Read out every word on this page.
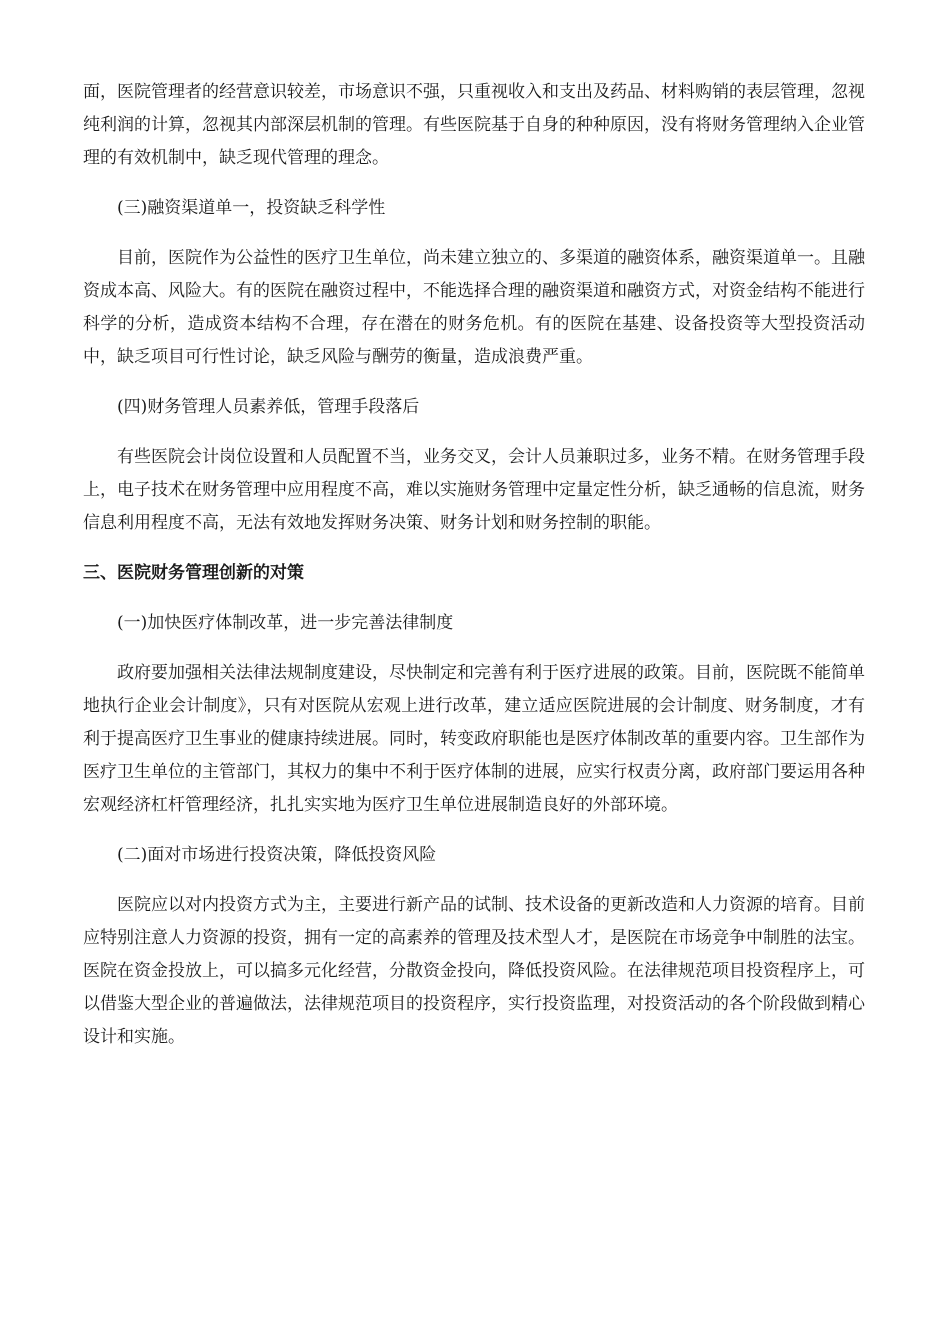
面，医院管理者的经营意识较差，市场意识不强，只重视收入和支出及药品、材料购销的表层管理，忽视纯利润的计算，忽视其内部深层机制的管理。有些医院基于自身的种种原因，没有将财务管理纳入企业管理的有效机制中，缺乏现代管理的理念。

(三)融资渠道单一，投资缺乏科学性

目前，医院作为公益性的医疗卫生单位，尚未建立独立的、多渠道的融资体系，融资渠道单一。且融资成本高、风险大。有的医院在融资过程中，不能选择合理的融资渠道和融资方式，对资金结构不能进行科学的分析，造成资本结构不合理，存在潜在的财务危机。有的医院在基建、设备投资等大型投资活动中，缺乏项目可行性讨论，缺乏风险与酬劳的衡量，造成浪费严重。

(四)财务管理人员素养低，管理手段落后

有些医院会计岗位设置和人员配置不当，业务交叉，会计人员兼职过多，业务不精。在财务管理手段上，电子技术在财务管理中应用程度不高，难以实施财务管理中定量定性分析，缺乏通畅的信息流，财务信息利用程度不高，无法有效地发挥财务决策、财务计划和财务控制的职能。

三、医院财务管理创新的对策

(一)加快医疗体制改革，进一步完善法律制度

政府要加强相关法律法规制度建设，尽快制定和完善有利于医疗进展的政策。目前，医院既不能简单地执行企业会计制度》，只有对医院从宏观上进行改革，建立适应医院进展的会计制度、财务制度，才有利于提高医疗卫生事业的健康持续进展。同时，转变政府职能也是医疗体制改革的重要内容。卫生部作为医疗卫生单位的主管部门，其权力的集中不利于医疗体制的进展，应实行权责分离，政府部门要运用各种宏观经济杠杆管理经济，扎扎实实地为医疗卫生单位进展制造良好的外部环境。

(二)面对市场进行投资决策，降低投资风险

医院应以对内投资方式为主，主要进行新产品的试制、技术设备的更新改造和人力资源的培育。目前应特别注意人力资源的投资，拥有一定的高素养的管理及技术型人才，是医院在市场竞争中制胜的法宝。医院在资金投放上，可以搞多元化经营，分散资金投向，降低投资风险。在法律规范项目投资程序上，可以借鉴大型企业的普遍做法，法律规范项目的投资程序，实行投资监理，对投资活动的各个阶段做到精心设计和实施。
